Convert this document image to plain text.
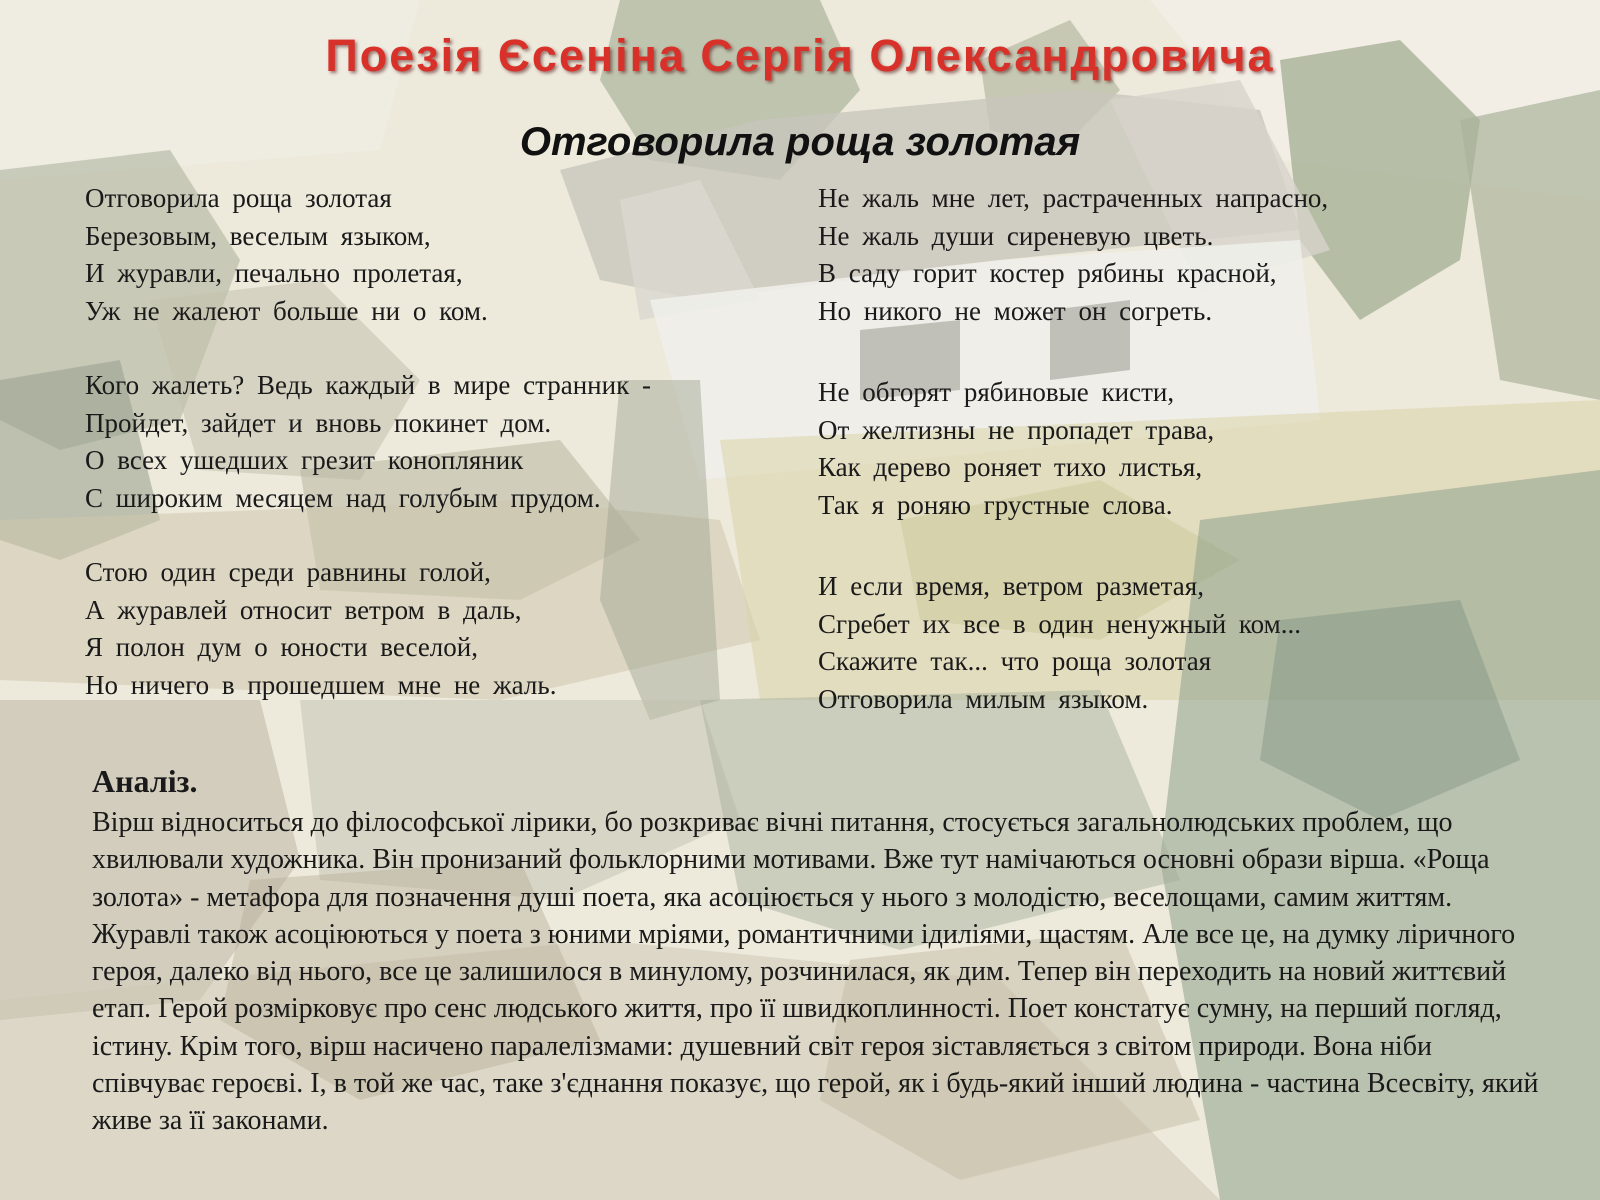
Поезія Єсеніна Сергія Олександровича
Отговорила роща золотая

Отговорила роща золотая
Березовым, веселым языком,
И журавли, печально пролетая,
Уж не жалеют больше ни о ком.

Кого жалеть? Ведь каждый в мире странник -
Пройдет, зайдет и вновь покинет дом.
О всех ушедших грезит конопляник
С широким месяцем над голубым прудом.

Стою один среди равнины голой,
А журавлей относит ветром в даль,
Я полон дум о юности веселой,
Но ничего в прошедшем мне не жаль.

Не жаль мне лет, растраченных напрасно,
Не жаль души сиреневую цветь.
В саду горит костер рябины красной,
Но никого не может он согреть.

Не обгорят рябиновые кисти,
От желтизны не пропадет трава,
Как дерево роняет тихо листья,
Так я роняю грустные слова.

И если время, ветром разметая,
Сгребет их все в один ненужный ком...
Скажите так... что роща золотая
Отговорила милым языком.

Аналіз.

Вірш відноситься до філософської лірики, бо розкриває вічні питання, стосується загальнолюдських проблем, що хвилювали художника. Він пронизаний фольклорними мотивами. Вже тут намічаються основні образи вірша. «Роща золота» - метафора для позначення душі поета, яка асоціюється у нього з молодістю, веселощами, самим життям. Журавлі також асоціюються у поета з юними мріями, романтичними ідиліями, щастям. Але все це, на думку ліричного героя, далеко від нього, все це залишилося в минулому, розчинилася, як дим. Тепер він переходить на новий життєвий етап. Герой розмірковує про сенс людського життя, про її швидкоплинності. Поет констатує сумну, на перший погляд, істину. Крім того, вірш насичено паралелізмами: душевний світ героя зіставляється з світом природи. Вона ніби співчуває героєві. І, в той же час, таке з'єднання показує, що герой, як і будь-який інший людина - частина Всесвіту, який живе за її законами.
